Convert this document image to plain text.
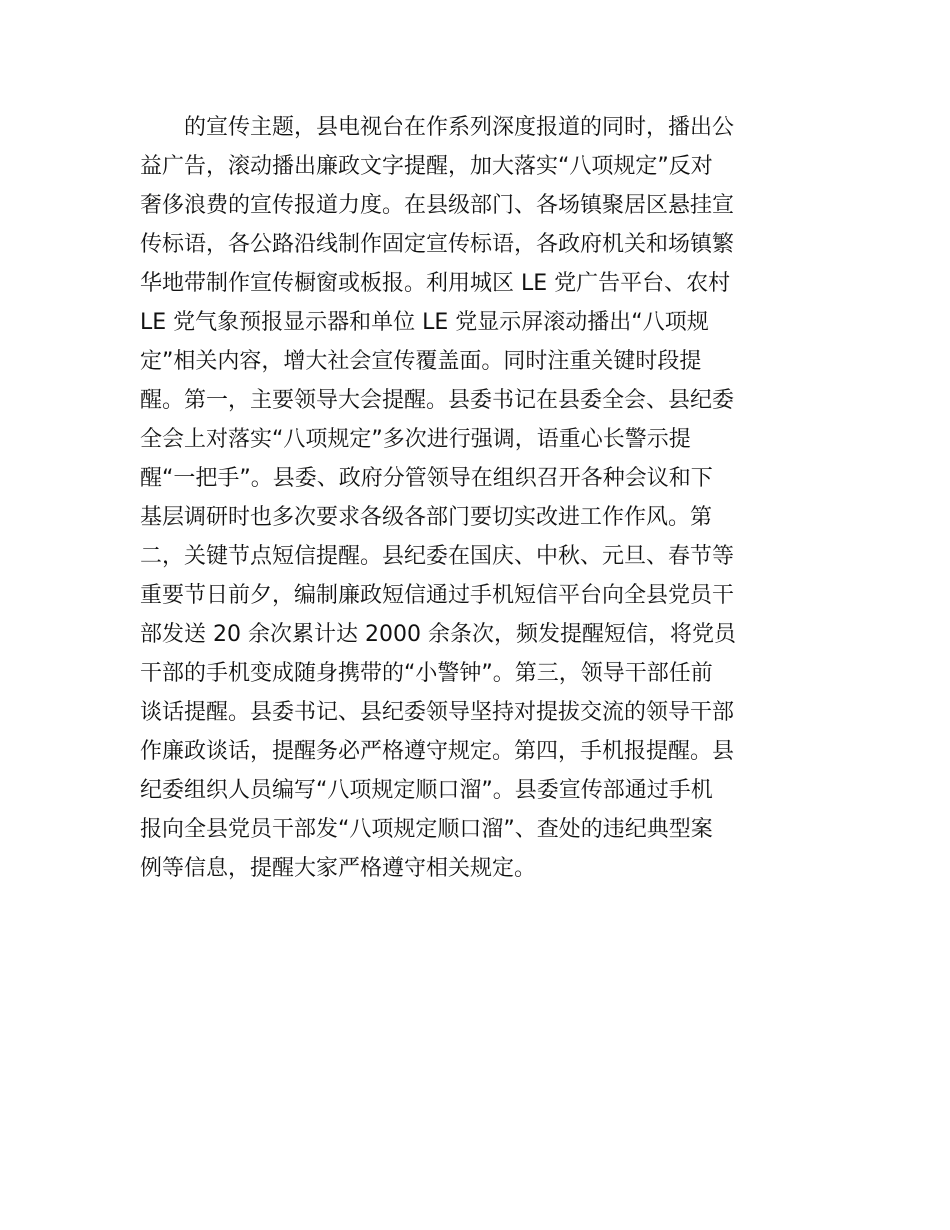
　　的宣传主题，县电视台在作系列深度报道的同时，播出公
益广告，滚动播出廉政文字提醒，加大落实“八项规定”反对
奢侈浪费的宣传报道力度。在县级部门、各场镇聚居区悬挂宣
传标语，各公路沿线制作固定宣传标语，各政府机关和场镇繁
华地带制作宣传橱窗或板报。利用城区 LE 党广告平台、农村
LE 党气象预报显示器和单位 LE 党显示屏滚动播出“八项规
定”相关内容，增大社会宣传覆盖面。同时注重关键时段提
醒。第一，主要领导大会提醒。县委书记在县委全会、县纪委
全会上对落实“八项规定”多次进行强调，语重心长警示提
醒“一把手”。县委、政府分管领导在组织召开各种会议和下
基层调研时也多次要求各级各部门要切实改进工作作风。第
二，关键节点短信提醒。县纪委在国庆、中秋、元旦、春节等
重要节日前夕，编制廉政短信通过手机短信平台向全县党员干
部发送 20 余次累计达 2000 余条次，频发提醒短信，将党员
干部的手机变成随身携带的“小警钟”。第三，领导干部任前
谈话提醒。县委书记、县纪委领导坚持对提拔交流的领导干部
作廉政谈话，提醒务必严格遵守规定。第四，手机报提醒。县
纪委组织人员编写“八项规定顺口溜”。县委宣传部通过手机
报向全县党员干部发“八项规定顺口溜”、查处的违纪典型案
例等信息，提醒大家严格遵守相关规定。
